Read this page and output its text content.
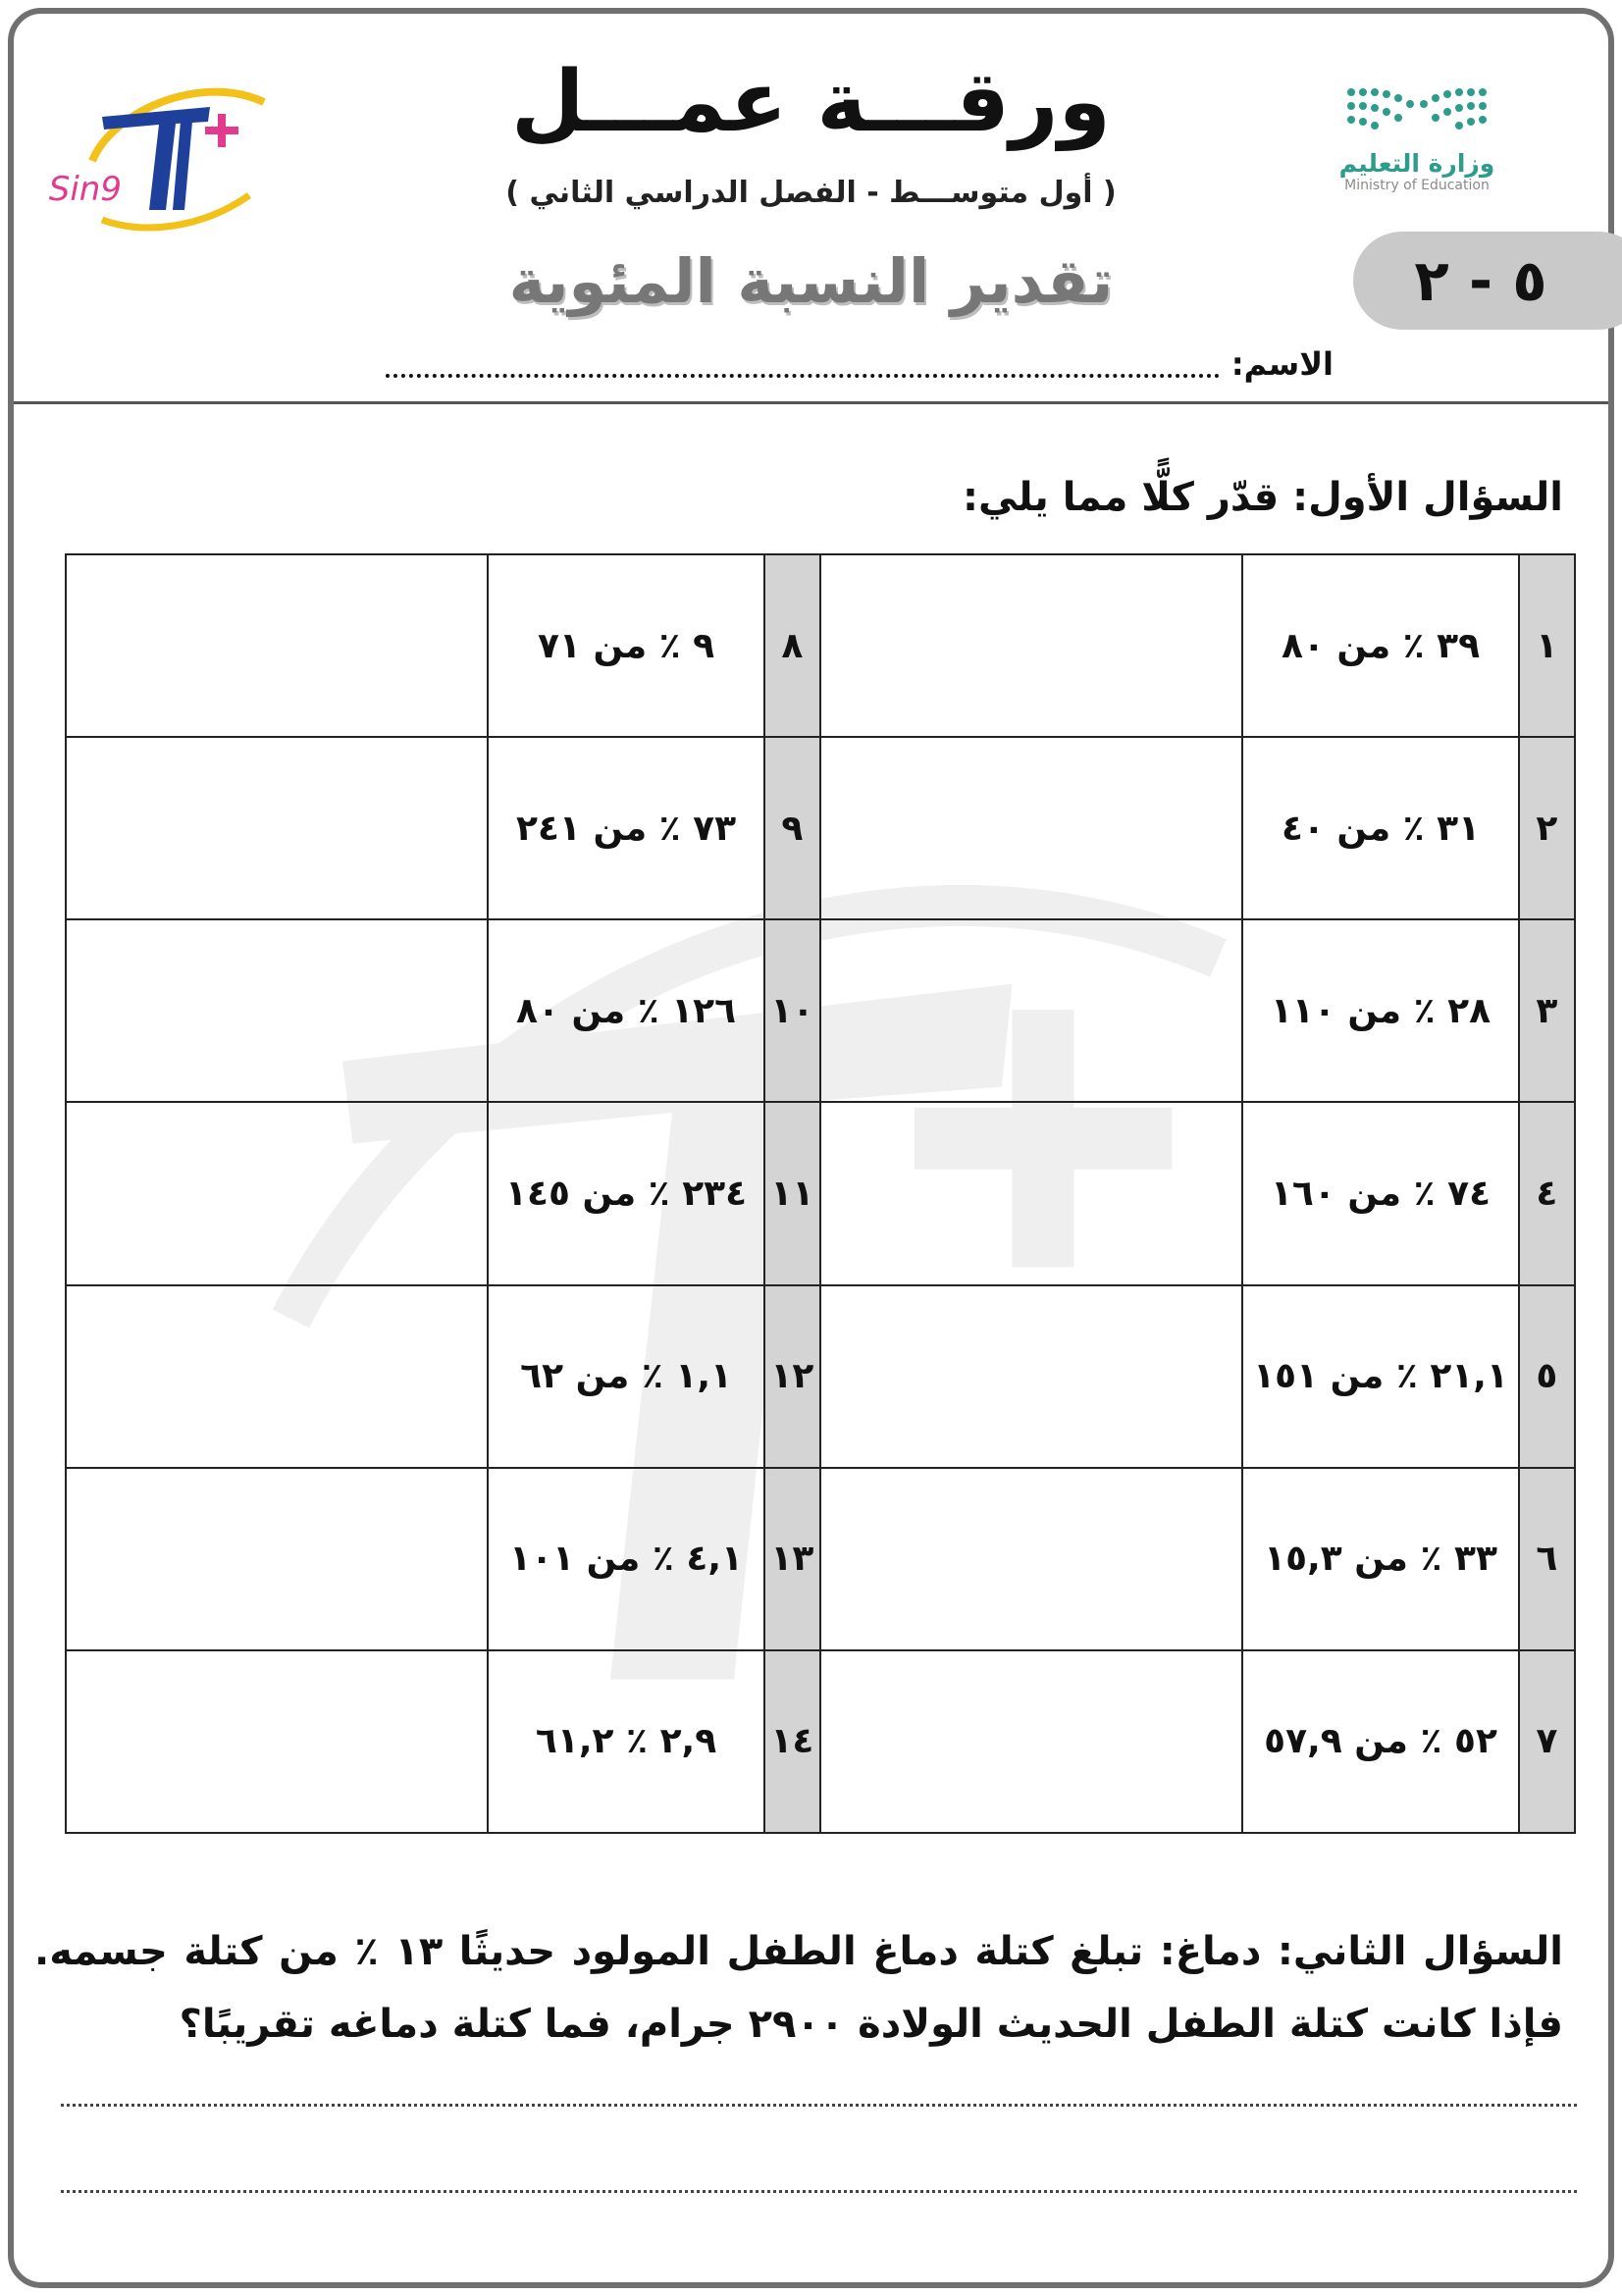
Sin9
ورقـــة عمـــل
( أول متوســـط - الفصل الدراسي الثاني )
تقدير النسبة المئوية	٥ - ٢
وزارة التعليم
Ministry of Education
الاسم:
السؤال الأول: قدّر كلًّا مما يلي:
١	٣٩ ٪ من ٨٠		٨	٩ ٪ من ٧١	
٢	٣١ ٪ من ٤٠		٩	٧٣ ٪ من ٢٤١	
٣	٢٨ ٪ من ١١٠		١٠	١٢٦ ٪ من ٨٠	
٤	٧٤ ٪ من ١٦٠		١١	٢٣٤ ٪ من ١٤٥	
٥	٢١,١ ٪ من ١٥١		١٢	١,١ ٪ من ٦٢	
٦	٣٣ ٪ من ١٥,٣		١٣	٤,١ ٪ من ١٠١	
٧	٥٢ ٪ من ٥٧,٩		١٤	٢,٩ ٪ ٦١,٢	
السؤال الثاني: دماغ: تبلغ كتلة دماغ الطفل المولود حديثًا ١٣ ٪ من كتلة جسمه. فإذا كانت كتلة الطفل الحديث الولادة ٢٩٠٠ جرام، فما كتلة دماغه تقريبًا؟
